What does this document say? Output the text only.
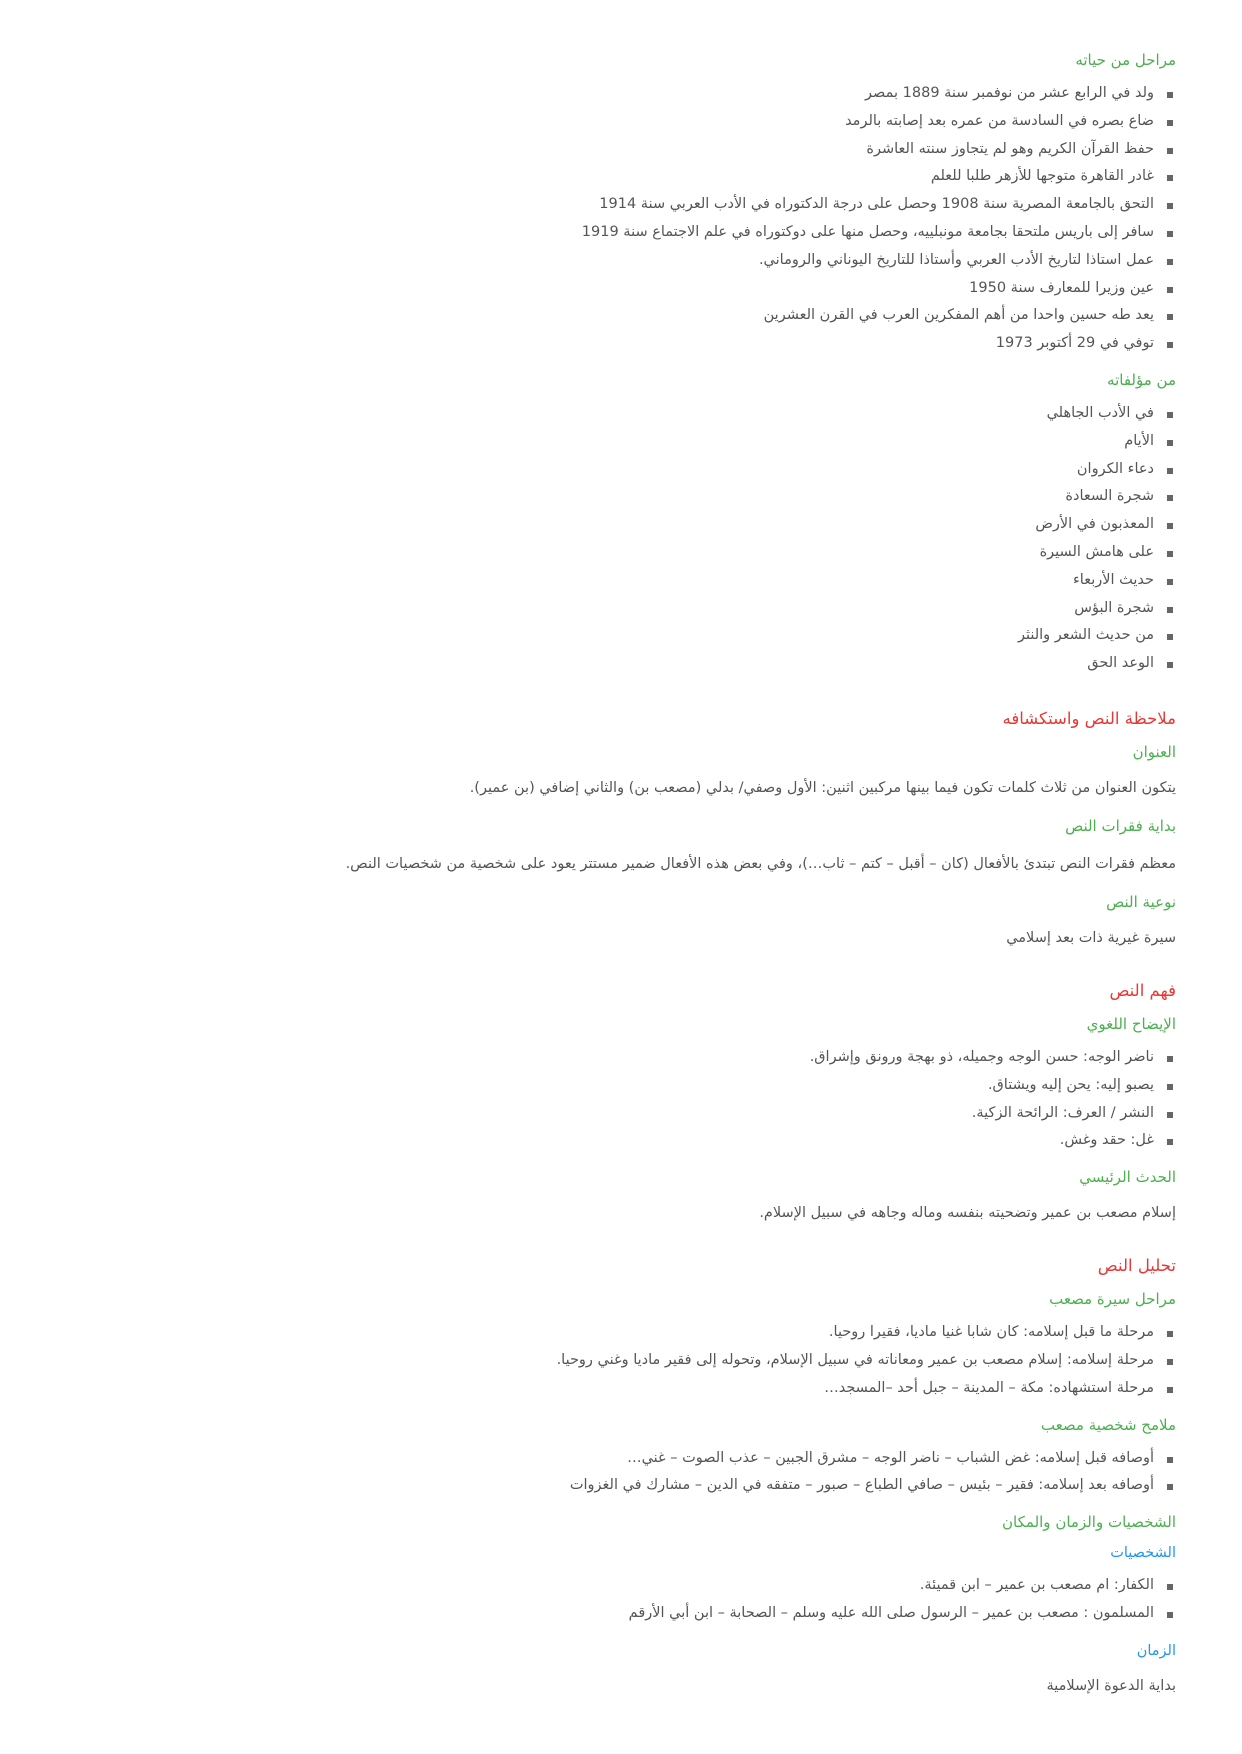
مراحل من حياته
ولد في الرابع عشر من نوفمبر سنة 1889 بمصر
ضاع بصره في السادسة من عمره بعد إصابته بالرمد
حفظ القرآن الكريم وهو لم يتجاوز سنته العاشرة
غادر القاهرة متوجها للأزهر طلبا للعلم
التحق بالجامعة المصرية سنة 1908 وحصل على درجة الدكتوراه في الأدب العربي سنة 1914
سافر إلى باريس ملتحقا بجامعة مونبلييه، وحصل منها على دوكتوراه في علم الاجتماع سنة 1919
عمل استاذا لتاريخ الأدب العربي وأستاذا للتاريخ اليوناني والروماني.
عين وزيرا للمعارف سنة 1950
يعد طه حسين واحدا من أهم المفكرين العرب في القرن العشرين
توفي في 29 أكتوبر 1973
من مؤلفاته
في الأدب الجاهلي
الأيام
دعاء الكروان
شجرة السعادة
المعذبون في الأرض
على هامش السيرة
حديث الأربعاء
شجرة البؤس
من حديث الشعر والنثر
الوعد الحق
ملاحظة النص واستكشافه
العنوان

يتكون العنوان من ثلاث كلمات تكون فيما بينها مركبين اثنين: الأول وصفي/ بدلي (مصعب بن) والثاني إضافي (بن عمير).

بداية فقرات النص

معظم فقرات النص تبتدئ بالأفعال (كان – أقبل – كتم – ثاب…)، وفي بعض هذه الأفعال ضمير مستتر يعود على شخصية من شخصيات النص.

نوعية النص

سيرة غيرية ذات بعد إسلامي

فهم النص
الإيضاح اللغوي
ناضر الوجه: حسن الوجه وجميله، ذو بهجة ورونق وإشراق.
يصبو إليه: يحن إليه ويشتاق.
النشر / العرف: الرائحة الزكية.
غل: حقد وغش.
الحدث الرئيسي

إسلام مصعب بن عمير وتضحيته بنفسه وماله وجاهه في سبيل الإسلام.

تحليل النص
مراحل سيرة مصعب
مرحلة ما قبل إسلامه: كان شابا غنيا ماديا، فقيرا روحيا.
مرحلة إسلامه: إسلام مصعب بن عمير ومعاناته في سبيل الإسلام، وتحوله إلى فقير ماديا وغني روحيا.
مرحلة استشهاده: مكة – المدينة – جبل أحد –المسجد…
ملامح شخصية مصعب
أوصافه قبل إسلامه: غض الشباب – ناضر الوجه – مشرق الجبين – عذب الصوت – غني…
أوصافه بعد إسلامه: فقير – بئيس – صافي الطباع – صبور – متفقه في الدين – مشارك في الغزوات
الشخصيات والزمان والمكان
الشخصيات
الكفار: ام مصعب بن عمير – ابن قميئة.
المسلمون : مصعب بن عمير – الرسول صلى الله عليه وسلم – الصحابة – ابن أبي الأرقم
الزمان

بداية الدعوة الإسلامية
